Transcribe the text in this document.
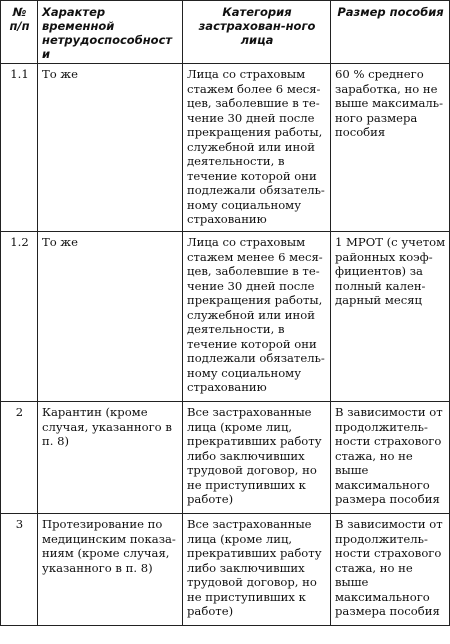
№ п/п	Характер временной нетрудоспособности	Категория застрахован-ного лица	Размер пособия
1.1	То же	Лица со страховым стажем более 6 меся-цев, заболевшие в те-чение 30 дней после прекращения работы, служебной или иной деятельности, в течение которой они подлежали обязатель-ному социальному страхованию	60 % среднего заработка, но не выше максималь-ного размера пособия
1.2	То же	Лица со страховым стажем менее 6 меся-цев, заболевшие в те-чение 30 дней после прекращения работы, служебной или иной деятельности, в течение которой они подлежали обязатель-ному социальному страхованию	1 МРОТ (с учетом районных коэф-фициентов) за полный кален-дарный месяц
2	Карантин (кроме случая, указанного в п. 8)	Все застрахованные лица (кроме лиц, прекративших работу либо заключивших трудовой договор, но не приступивших к работе)	В зависимости от продолжитель-ности страхового стажа, но не выше максимального размера пособия
3	Протезирование по медицинским показа-ниям (кроме случая, указанного в п. 8)	Все застрахованные лица (кроме лиц, прекративших работу либо заключивших трудовой договор, но не приступивших к работе)	В зависимости от продолжитель-ности страхового стажа, но не выше максимального размера пособия
